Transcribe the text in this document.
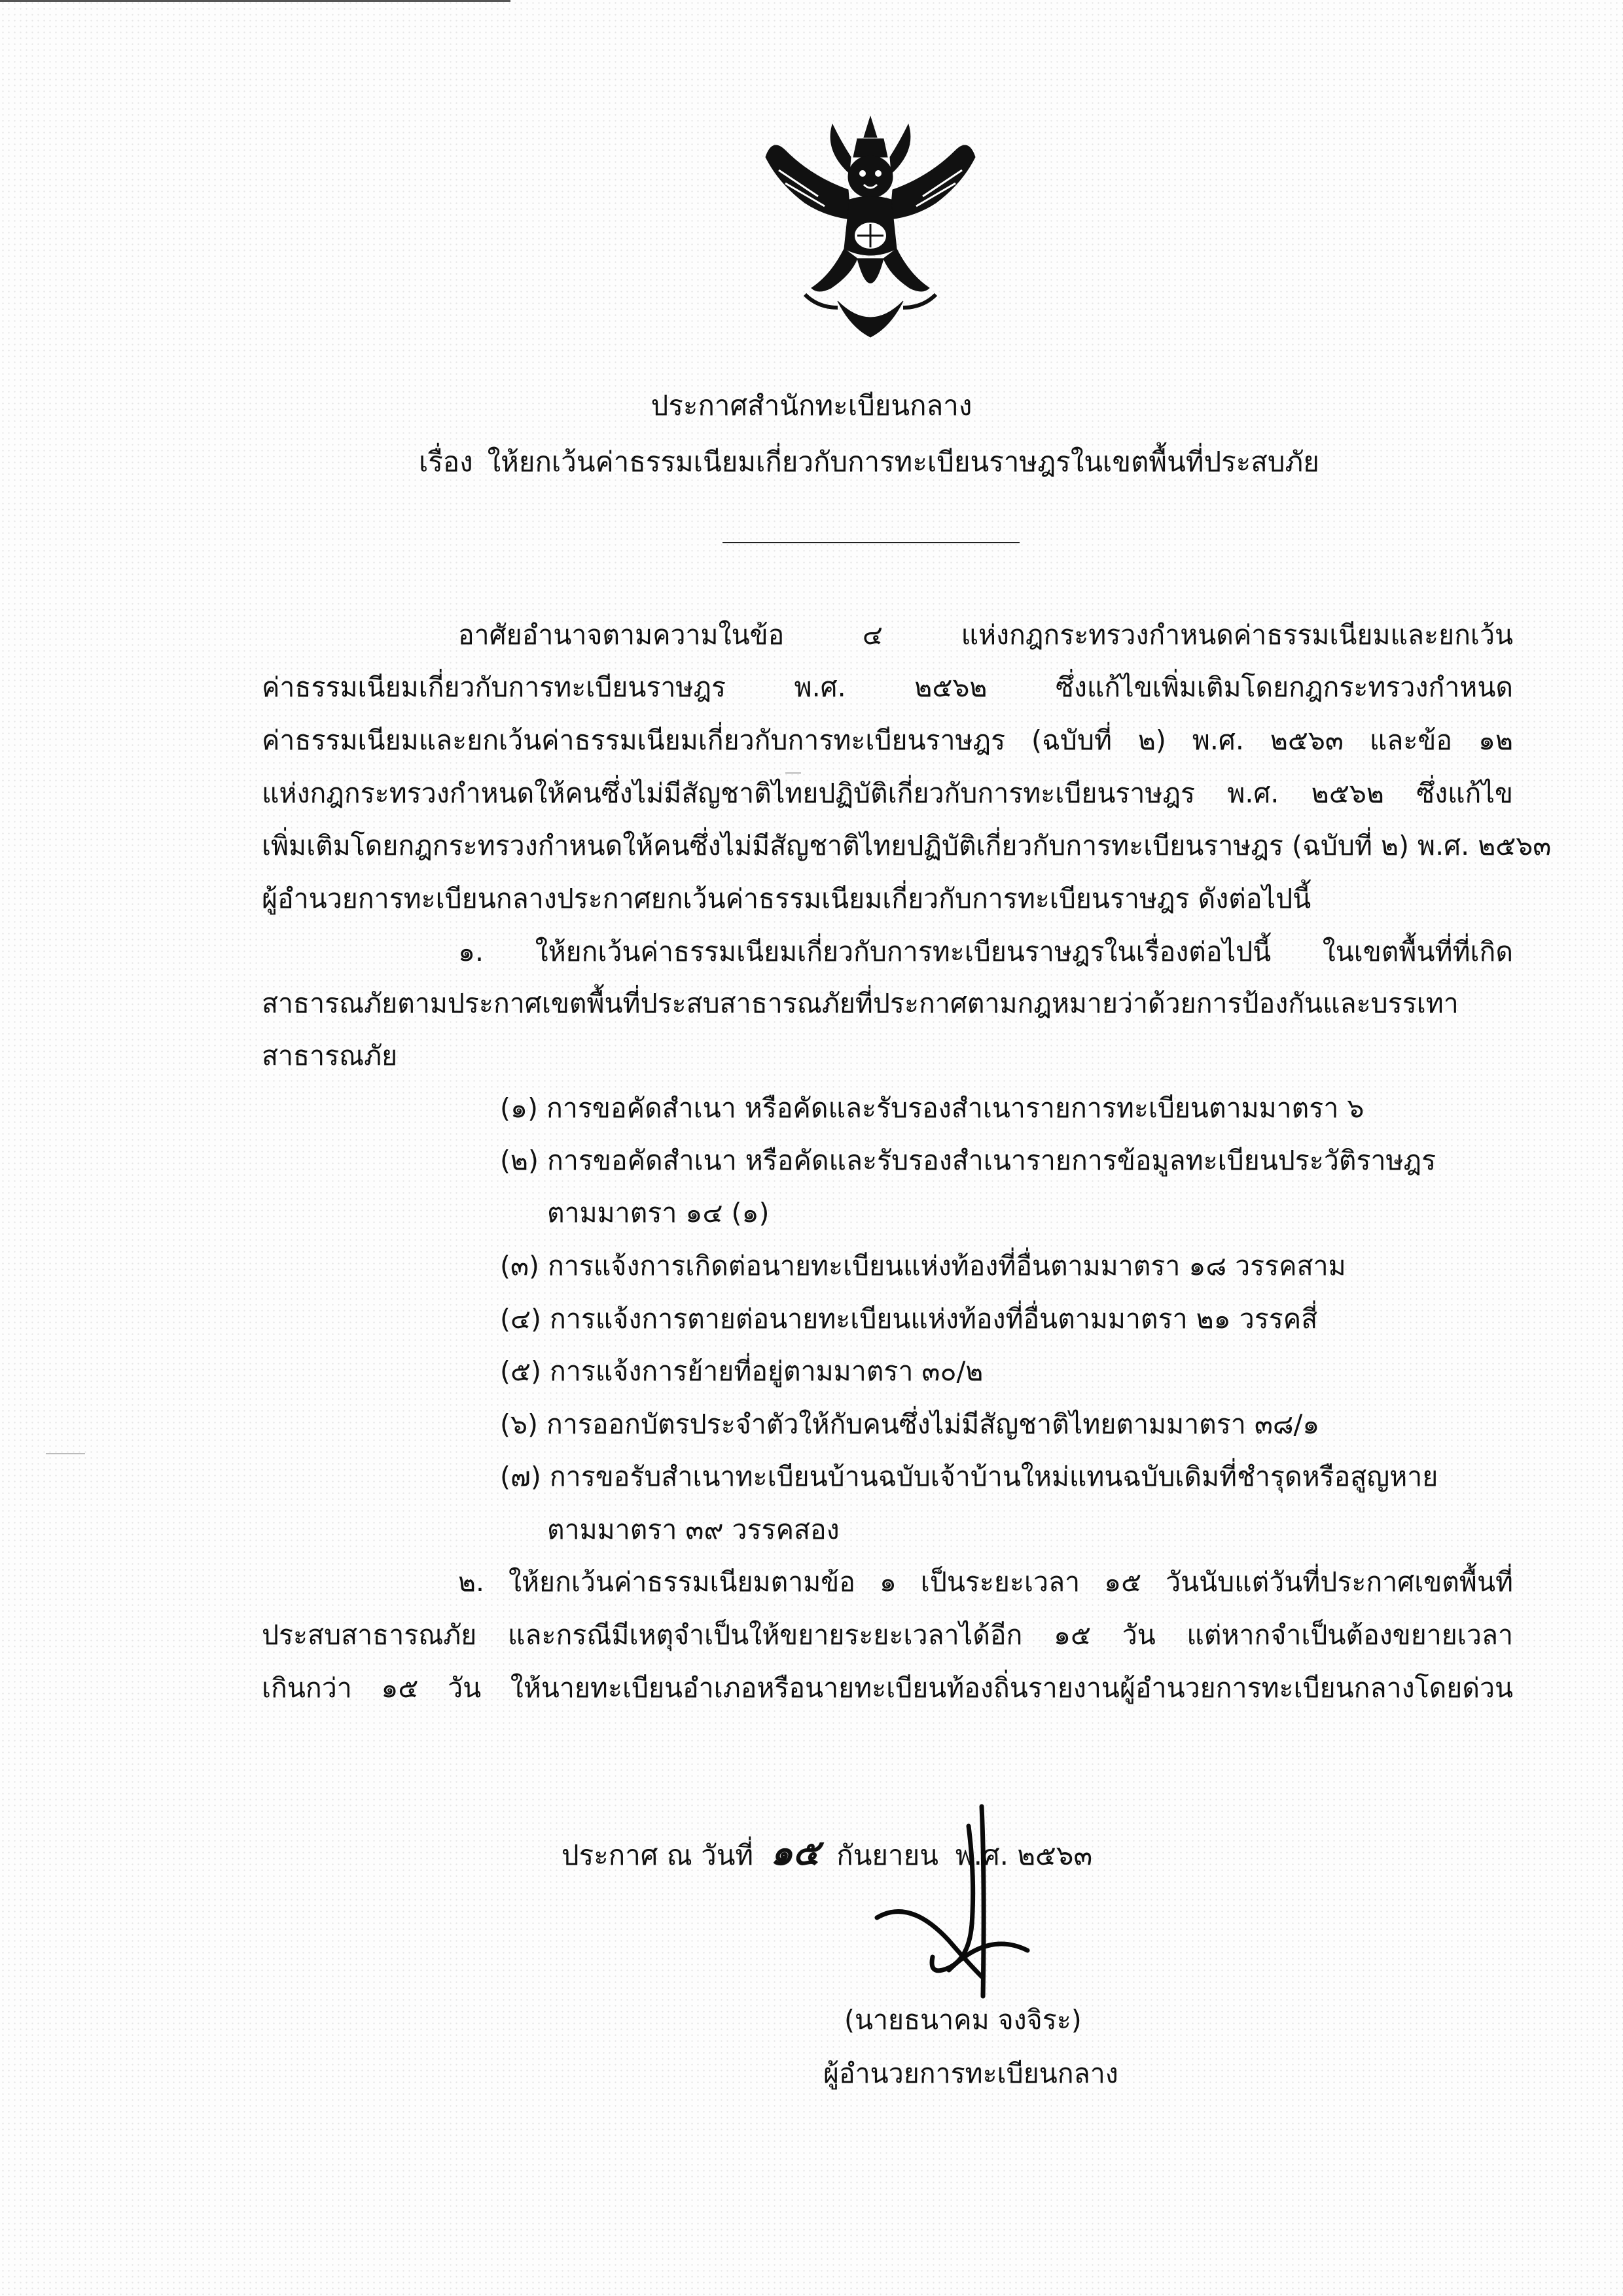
ประกาศสำนักทะเบียนกลาง
เรื่อง ให้ยกเว้นค่าธรรมเนียมเกี่ยวกับการทะเบียนราษฎรในเขตพื้นที่ประสบภัย
อาศัยอำนาจตามความในข้อ ๔ แห่งกฎกระทรวงกำหนดค่าธรรมเนียมและยกเว้น
ค่าธรรมเนียมเกี่ยวกับการทะเบียนราษฎร พ.ศ. ๒๕๖๒ ซึ่งแก้ไขเพิ่มเติมโดยกฎกระทรวงกำหนด
ค่าธรรมเนียมและยกเว้นค่าธรรมเนียมเกี่ยวกับการทะเบียนราษฎร (ฉบับที่ ๒) พ.ศ. ๒๕๖๓ และข้อ ๑๒
แห่งกฎกระทรวงกำหนดให้คนซึ่งไม่มีสัญชาติไทยปฏิบัติเกี่ยวกับการทะเบียนราษฎร พ.ศ. ๒๕๖๒ ซึ่งแก้ไข
เพิ่มเติมโดยกฎกระทรวงกำหนดให้คนซึ่งไม่มีสัญชาติไทยปฏิบัติเกี่ยวกับการทะเบียนราษฎร (ฉบับที่ ๒) พ.ศ. ๒๕๖๓
ผู้อำนวยการทะเบียนกลางประกาศยกเว้นค่าธรรมเนียมเกี่ยวกับการทะเบียนราษฎร ดังต่อไปนี้
๑. ให้ยกเว้นค่าธรรมเนียมเกี่ยวกับการทะเบียนราษฎรในเรื่องต่อไปนี้ ในเขตพื้นที่ที่เกิด
สาธารณภัยตามประกาศเขตพื้นที่ประสบสาธารณภัยที่ประกาศตามกฎหมายว่าด้วยการป้องกันและบรรเทา
สาธารณภัย
(๑) การขอคัดสำเนา หรือคัดและรับรองสำเนารายการทะเบียนตามมาตรา ๖
(๒) การขอคัดสำเนา หรือคัดและรับรองสำเนารายการข้อมูลทะเบียนประวัติราษฎร
ตามมาตรา ๑๔ (๑)
(๓) การแจ้งการเกิดต่อนายทะเบียนแห่งท้องที่อื่นตามมาตรา ๑๘ วรรคสาม
(๔) การแจ้งการตายต่อนายทะเบียนแห่งท้องที่อื่นตามมาตรา ๒๑ วรรคสี่
(๕) การแจ้งการย้ายที่อยู่ตามมาตรา ๓๐/๒
(๖) การออกบัตรประจำตัวให้กับคนซึ่งไม่มีสัญชาติไทยตามมาตรา ๓๘/๑
(๗) การขอรับสำเนาทะเบียนบ้านฉบับเจ้าบ้านใหม่แทนฉบับเดิมที่ชำรุดหรือสูญหาย
ตามมาตรา ๓๙ วรรคสอง
๒. ให้ยกเว้นค่าธรรมเนียมตามข้อ ๑ เป็นระยะเวลา ๑๕ วันนับแต่วันที่ประกาศเขตพื้นที่
ประสบสาธารณภัย และกรณีมีเหตุจำเป็นให้ขยายระยะเวลาได้อีก ๑๕ วัน แต่หากจำเป็นต้องขยายเวลา
เกินกว่า ๑๕ วัน ให้นายทะเบียนอำเภอหรือนายทะเบียนท้องถิ่นรายงานผู้อำนวยการทะเบียนกลางโดยด่วน
ประกาศ ณ วันที่ ๑๕ กันยายน พ.ศ. ๒๕๖๓
(นายธนาคม จงจิระ)
ผู้อำนวยการทะเบียนกลาง
